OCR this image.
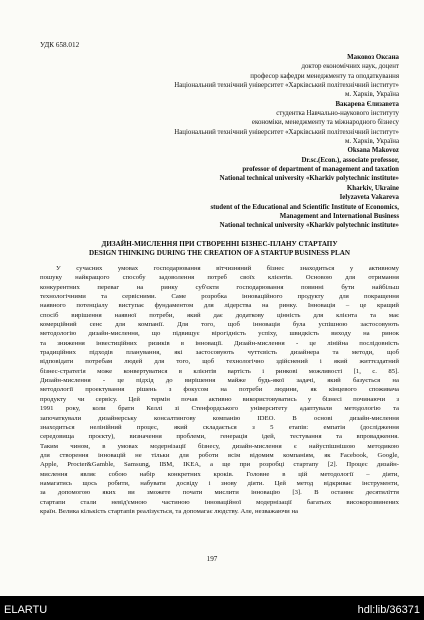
УДК 658.012
Маковоз Оксана
доктор економічних наук, доцент
професор кафедри менеджменту та оподаткування
Національний технічний університет «Харківський політехнічний інститут»
м. Харків, Україна
Вакарева Єлизавета
студентка Навчально-наукового інституту
економіки, менеджменту та міжнародного бізнесу
Національний технічний університет «Харківський політехнічний інститут»
м. Харків, Україна
Oksana Makovoz
Dr.sc.(Econ.), associate professor,
professor of department of management and taxation
National technical university «Kharkiv polytechnic institute»
Kharkiv, Ukraine
Ielyzaveta Vakareva
student of the Educational and Scientific Institute of Economics,
Management and International Business
National technical university «Kharkiv polytechnic institute»
ДИЗАЙН-МИСЛЕННЯ ПРИ СТВОРЕННІ БІЗНЕС-ПЛАНУ СТАРТАПУ
DESIGN THINKING DURING THE CREATION OF A STARTUP BUSINESS PLAN
У сучасних умовах господарювання вітчизняний бізнес знаходиться у активному
пошуку найкращого способу задоволення потреб своїх клієнтів. Основою для отримання
конкурентних переваг на ринку суб'єкти господарювання повинні бути найбільш
технологічними та сервісними. Саме розробка інноваційного продукту для покращення
наявного потенціалу виступає фундаментом для лідерства на ринку. Інновація – це кращий
спосіб вирішення наявної потреби, який дає додаткову цінність для клієнта та має
комерційний сенс для компанії. Для того, щоб інновація була успішною застосовують
методологію дизайн-мислення, що підвищує вірогідність успіху, швидкість виходу на ринок
та зниження інвестиційних ризиків в інновації. Дизайн-мислення - це лінійна послідовність
традиційних підходів планування, які застосовують чуттєвість дизайнера та методи, щоб
відповідати потребам людей для того, щоб технологічно здійснений і який життєздатний
бізнес-стратегія може конвертуватися в клієнтів вартість і ринкові можливості [1, с. 85].
Дизайн-мислення - це підхід до вирішення майже будь-якої задачі, який базується на
методології проектування рішень з фокусом на потреби людини, як кінцевого споживача
продукту чи сервісу. Цей термін почав активно використовуватись у бізнесі починаючи з
1991 року, коли брати Келлі зі Стенфордського університету адаптували методологію та
започаткували дизайнерську консалтингову компанію IDEO. В основі дизайн-мислення
знаходиться нелінійний процес, який складається з 5 етапів: емпатія (дослідження
середовища проєкту), визначення проблеми, генерація ідей, тестування та впровадження.
Таким чином, в умовах модернізації бізнесу, дизайн-мислення є найуспішнішою методикою
для створення інновацій не тільки для роботи всім відомим компаніям, як Facebook, Google,
Apple, Procter&Gamble, Samsung, IBM, IKEA, а ще при розробці стартапу [2]. Процес дизайн-
мислення являє собою набір конкретних кроків. Головне в цій методології – діяти,
намагатись щось робити, набувати досвіду і знову діяти. Цей метод відкриває інструменти,
за допомогою яких ви зможете почати мислити інновацію [3]. В останнє десятиліття
стартапи стали невід'ємною частиною інноваційної модернізації багатьох високорозвинених
країн. Велика кількість стартапів реалізується, та допомагає людству. Але, незважаючи на
197
ELARTU	hdl:lib/36371
